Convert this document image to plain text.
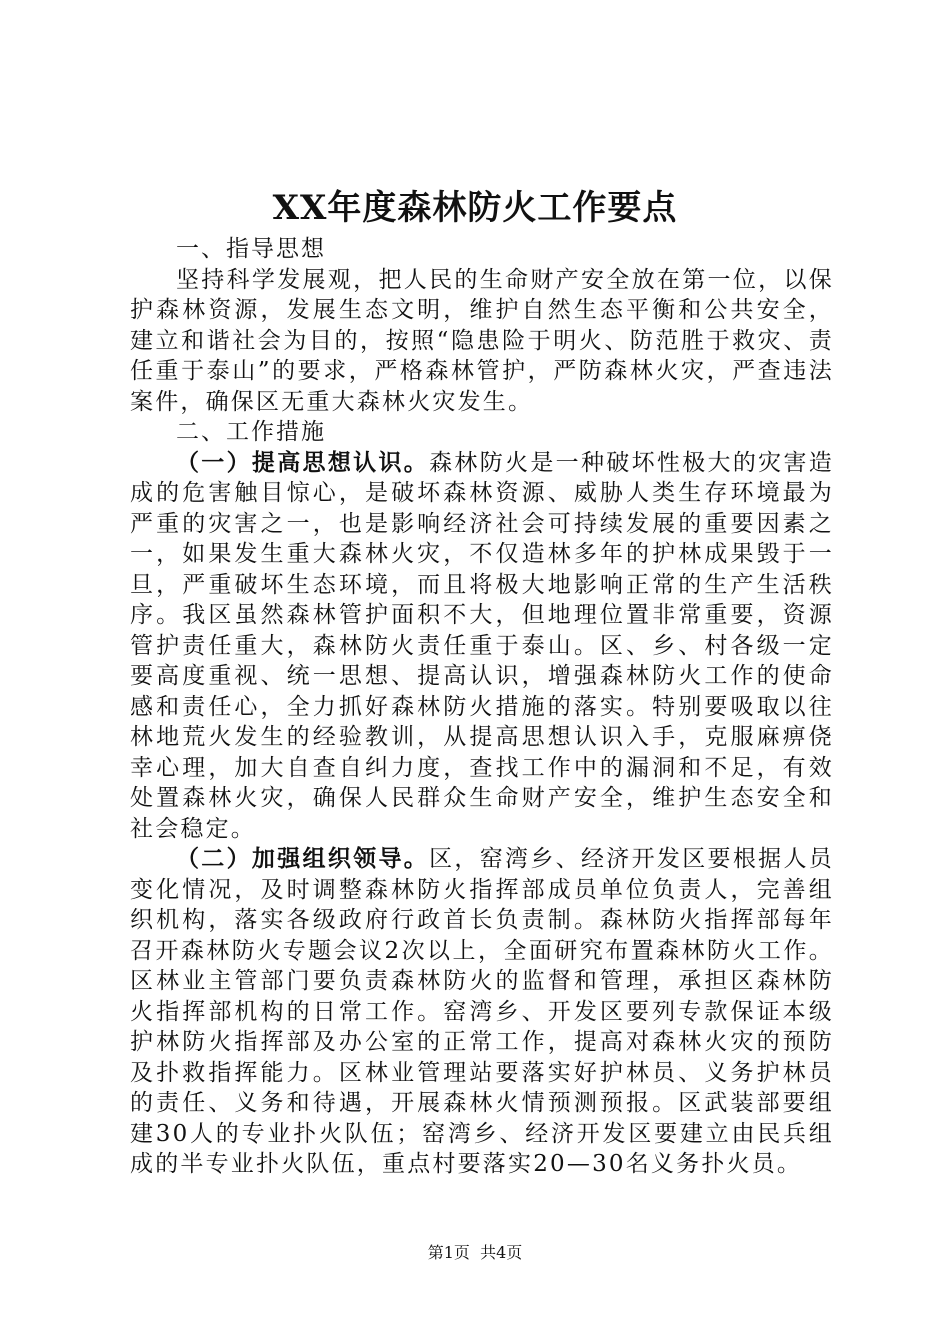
XX年度森林防火工作要点

一、指导思想

坚持科学发展观，把人民的生命财产安全放在第一位，以保护森林资源，发展生态文明，维护自然生态平衡和公共安全，建立和谐社会为目的，按照“隐患险于明火、防范胜于救灾、责任重于泰山”的要求，严格森林管护，严防森林火灾，严查违法案件，确保区无重大森林火灾发生。

二、工作措施

（一）提高思想认识。森林防火是一种破坏性极大的灾害造成的危害触目惊心，是破坏森林资源、威胁人类生存环境最为严重的灾害之一，也是影响经济社会可持续发展的重要因素之一，如果发生重大森林火灾，不仅造林多年的护林成果毁于一旦，严重破坏生态环境，而且将极大地影响正常的生产生活秩序。我区虽然森林管护面积不大，但地理位置非常重要，资源管护责任重大，森林防火责任重于泰山。区、乡、村各级一定要高度重视、统一思想、提高认识，增强森林防火工作的使命感和责任心，全力抓好森林防火措施的落实。特别要吸取以往林地荒火发生的经验教训，从提高思想认识入手，克服麻痹侥幸心理，加大自查自纠力度，查找工作中的漏洞和不足，有效处置森林火灾，确保人民群众生命财产安全，维护生态安全和社会稳定。

（二）加强组织领导。区，窑湾乡、经济开发区要根据人员变化情况，及时调整森林防火指挥部成员单位负责人，完善组织机构，落实各级政府行政首长负责制。森林防火指挥部每年召开森林防火专题会议2次以上，全面研究布置森林防火工作。区林业主管部门要负责森林防火的监督和管理，承担区森林防火指挥部机构的日常工作。窑湾乡、开发区要列专款保证本级护林防火指挥部及办公室的正常工作，提高对森林火灾的预防及扑救指挥能力。区林业管理站要落实好护林员、义务护林员的责任、义务和待遇，开展森林火情预测预报。区武装部要组建30人的专业扑火队伍；窑湾乡、经济开发区要建立由民兵组成的半专业扑火队伍，重点村要落实20—30名义务扑火员。

第1页 共4页
